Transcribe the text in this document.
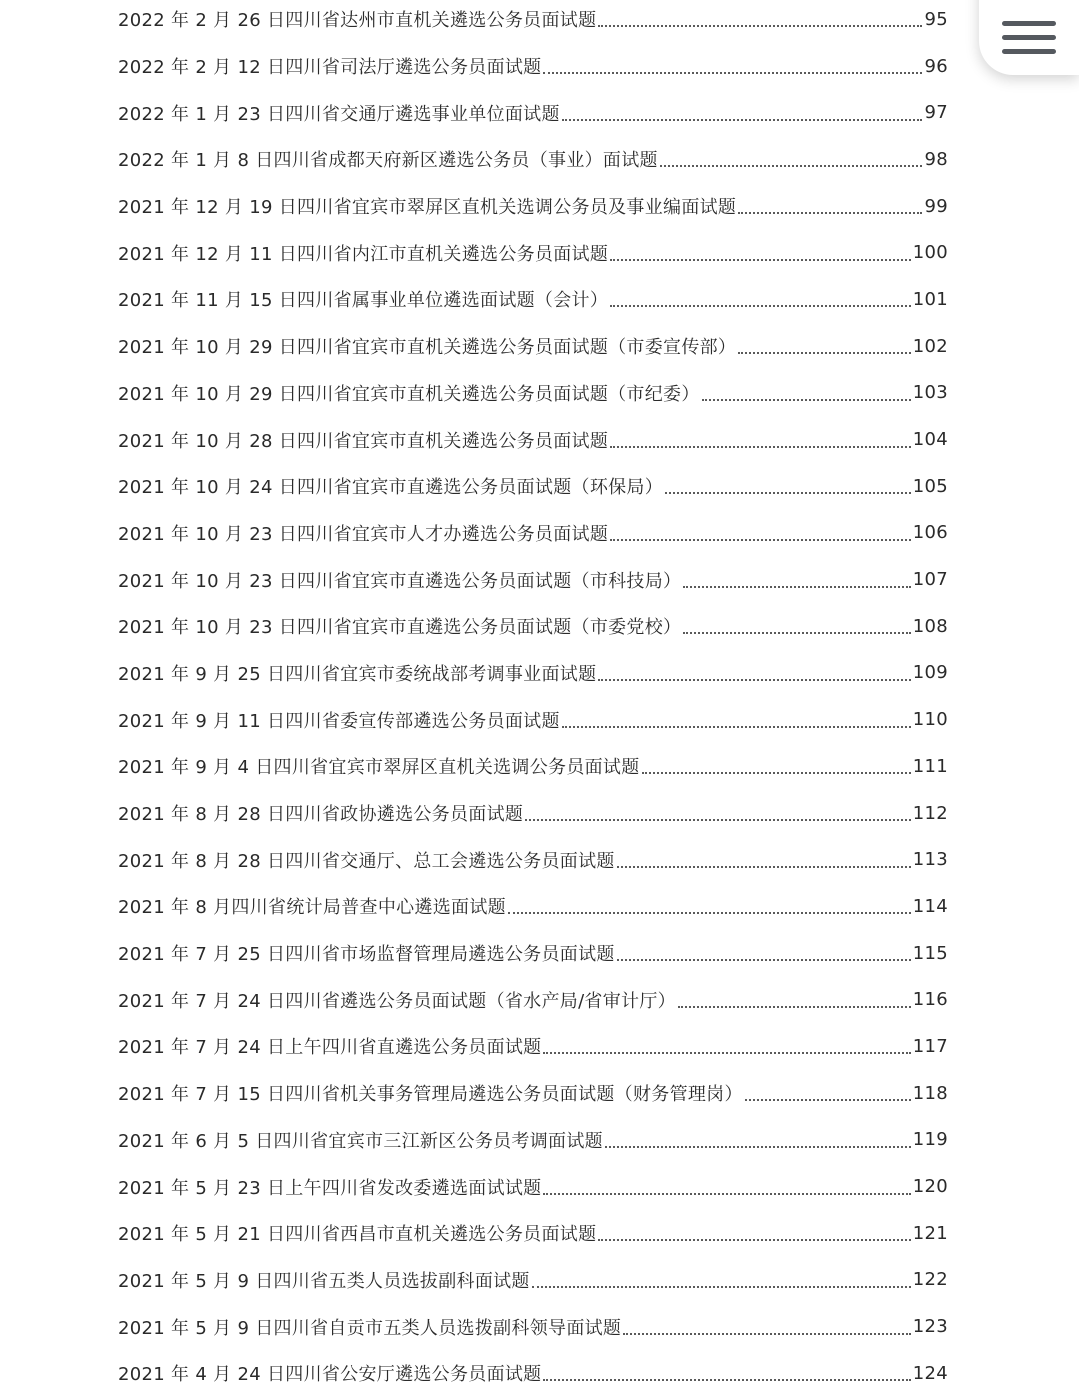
2022 年 2 月 26 日四川省达州市直机关遴选公务员面试题	95
2022 年 2 月 12 日四川省司法厅遴选公务员面试题	96
2022 年 1 月 23 日四川省交通厅遴选事业单位面试题	97
2022 年 1 月 8 日四川省成都天府新区遴选公务员（事业）面试题	98
2021 年 12 月 19 日四川省宜宾市翠屏区直机关选调公务员及事业编面试题	99
2021 年 12 月 11 日四川省内江市直机关遴选公务员面试题	100
2021 年 11 月 15 日四川省属事业单位遴选面试题（会计）	101
2021 年 10 月 29 日四川省宜宾市直机关遴选公务员面试题（市委宣传部）	102
2021 年 10 月 29 日四川省宜宾市直机关遴选公务员面试题（市纪委）	103
2021 年 10 月 28 日四川省宜宾市直机关遴选公务员面试题	104
2021 年 10 月 24 日四川省宜宾市直遴选公务员面试题（环保局）	105
2021 年 10 月 23 日四川省宜宾市人才办遴选公务员面试题	106
2021 年 10 月 23 日四川省宜宾市直遴选公务员面试题（市科技局）	107
2021 年 10 月 23 日四川省宜宾市直遴选公务员面试题（市委党校）	108
2021 年 9 月 25 日四川省宜宾市委统战部考调事业面试题	109
2021 年 9 月 11 日四川省委宣传部遴选公务员面试题	110
2021 年 9 月 4 日四川省宜宾市翠屏区直机关选调公务员面试题	111
2021 年 8 月 28 日四川省政协遴选公务员面试题	112
2021 年 8 月 28 日四川省交通厅、总工会遴选公务员面试题	113
2021 年 8 月四川省统计局普查中心遴选面试题	114
2021 年 7 月 25 日四川省市场监督管理局遴选公务员面试题	115
2021 年 7 月 24 日四川省遴选公务员面试题（省水产局/省审计厅）	116
2021 年 7 月 24 日上午四川省直遴选公务员面试题	117
2021 年 7 月 15 日四川省机关事务管理局遴选公务员面试题（财务管理岗）	118
2021 年 6 月 5 日四川省宜宾市三江新区公务员考调面试题	119
2021 年 5 月 23 日上午四川省发改委遴选面试试题	120
2021 年 5 月 21 日四川省西昌市直机关遴选公务员面试题	121
2021 年 5 月 9 日四川省五类人员选拔副科面试题	122
2021 年 5 月 9 日四川省自贡市五类人员选拨副科领导面试题	123
2021 年 4 月 24 日四川省公安厅遴选公务员面试题	124
